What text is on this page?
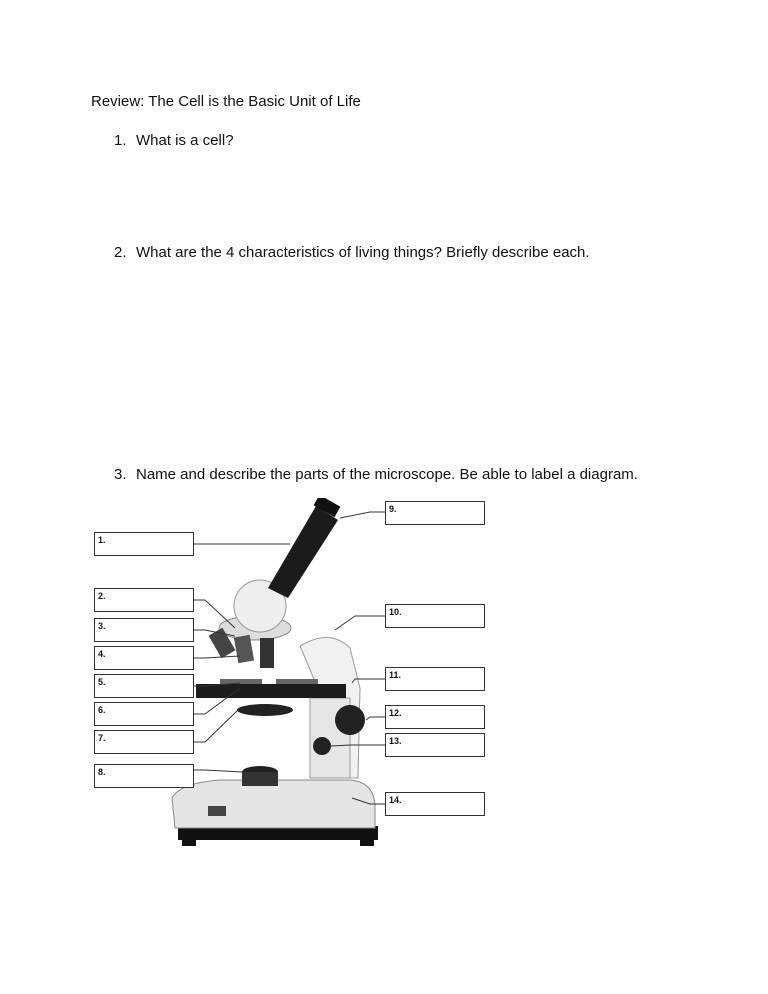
Review: The Cell is the Basic Unit of Life
1. What is a cell?
2. What are the 4 characteristics of living things? Briefly describe each.
3. Name and describe the parts of the microscope. Be able to label a diagram.
1.
2.
3.
4.
5.
6.
7.
8.
9.
10.
11.
12.
13.
14.
